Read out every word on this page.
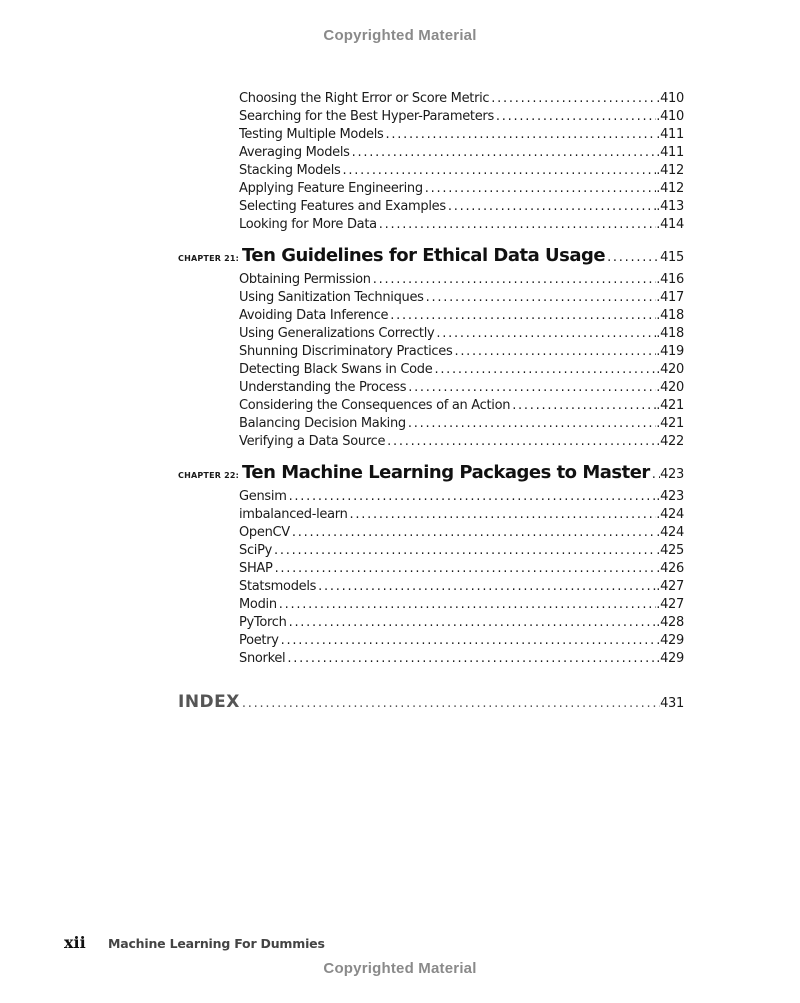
Copyrighted Material
Choosing the Right Error or Score Metric . . .	.410
Searching for the Best Hyper-Parameters . . .	.410
Testing Multiple Models . . .	.411
Averaging Models . . .	.411
Stacking Models . . .	.412
Applying Feature Engineering . . .	.412
Selecting Features and Examples . . .	.413
Looking for More Data . . .	.414
CHAPTER 21: Ten Guidelines for Ethical Data Usage . . .	415
Obtaining Permission . . .	.416
Using Sanitization Techniques . . .	.417
Avoiding Data Inference . . .	.418
Using Generalizations Correctly . . .	.418
Shunning Discriminatory Practices . . .	.419
Detecting Black Swans in Code . . .	.420
Understanding the Process . . .	.420
Considering the Consequences of an Action . . .	.421
Balancing Decision Making . . .	.421
Verifying a Data Source . . .	.422
CHAPTER 22: Ten Machine Learning Packages to Master . . . 423
Gensim . . .	.423
imbalanced-learn . . .	.424
OpenCV . . .	.424
SciPy . . .	.425
SHAP . . .	.426
Statsmodels . . .	.427
Modin . . .	.427
PyTorch . . .	.428
Poetry . . .	.429
Snorkel . . .	.429
INDEX . . .	431
xii	Machine Learning For Dummies
Copyrighted Material
